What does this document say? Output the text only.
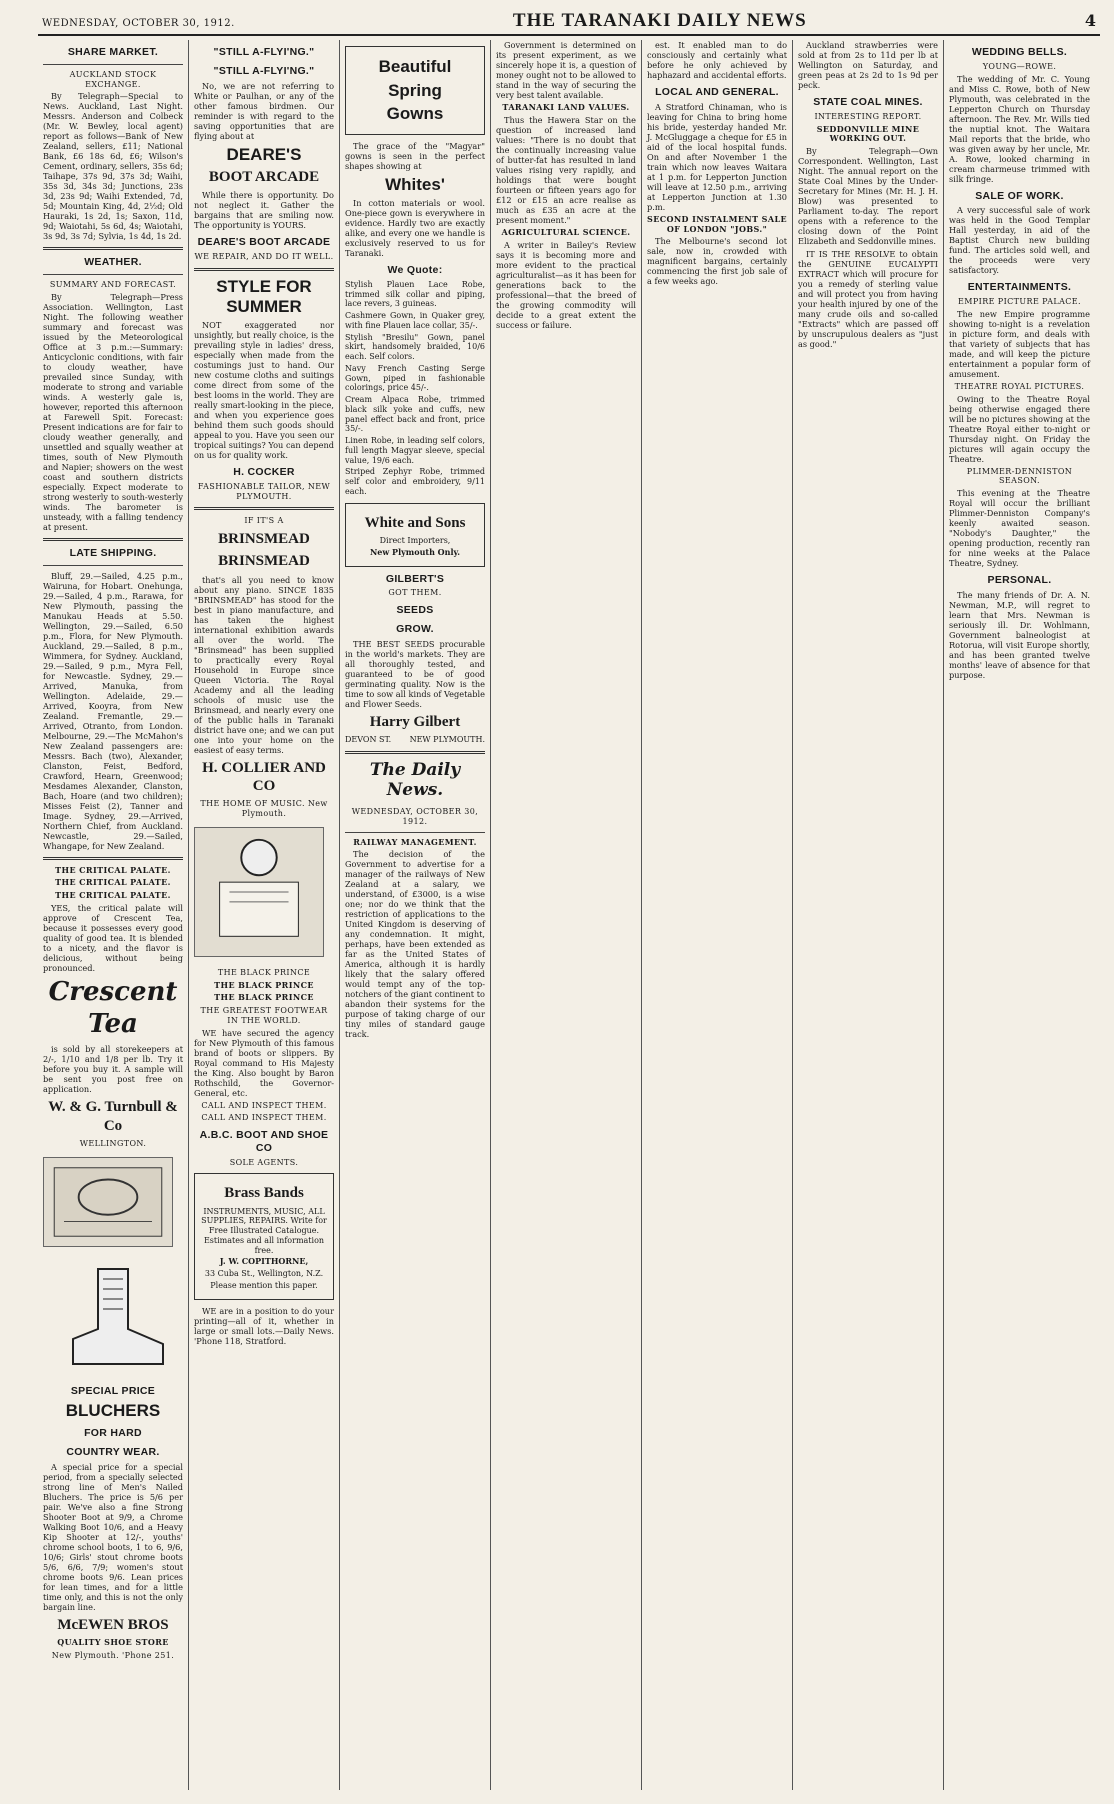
WEDNESDAY, OCTOBER 30, 1912.	THE TARANAKI DAILY NEWS	4
SHARE MARKET.
AUCKLAND STOCK EXCHANGE.

By Telegraph—Special to News. Auckland, Last Night. Messrs. Anderson and Colbeck (Mr. W. Bewley, local agent) report as follows—Bank of New Zealand, sellers, £11; National Bank, £6 18s 6d, £6; Wilson's Cement, ordinary, sellers, 35s 6d; Taihape, 37s 9d, 37s 3d; Waihi, 35s 3d, 34s 3d; Junctions, 23s 3d, 23s 9d; Waihi Extended, 7d, 5d; Mountain King, 4d, 2½d; Old Hauraki, 1s 2d, 1s; Saxon, 11d, 9d; Waiotahi, 5s 6d, 4s; Waiotahi, 3s 9d, 3s 7d; Sylvia, 1s 4d, 1s 2d.

WEATHER.
SUMMARY AND FORECAST.

By Telegraph—Press Association. Wellington, Last Night. The following weather summary and forecast was issued by the Meteorological Office at 3 p.m.:—Summary: Anticyclonic conditions, with fair to cloudy weather, have prevailed since Sunday, with moderate to strong and variable winds. A westerly gale is, however, reported this afternoon at Farewell Spit. Forecast: Present indications are for fair to cloudy weather generally, and unsettled and squally weather at times, south of New Plymouth and Napier; showers on the west coast and southern districts especially. Expect moderate to strong westerly to south-westerly winds. The barometer is unsteady, with a falling tendency at present.

LATE SHIPPING.

Bluff, 29.—Sailed, 4.25 p.m., Wairuna, for Hobart. Onehunga, 29.—Sailed, 4 p.m., Rarawa, for New Plymouth, passing the Manukau Heads at 5.50. Wellington, 29.—Sailed, 6.50 p.m., Flora, for New Plymouth. Auckland, 29.—Sailed, 8 p.m., Wimmera, for Sydney. Auckland, 29.—Sailed, 9 p.m., Myra Fell, for Newcastle. Sydney, 29.—Arrived, Manuka, from Wellington. Adelaide, 29.—Arrived, Kooyra, from New Zealand. Fremantle, 29.—Arrived, Otranto, from London. Melbourne, 29.—The McMahon's New Zealand passengers are: Messrs. Bach (two), Alexander, Clanston, Feist, Bedford, Crawford, Hearn, Greenwood; Mesdames Alexander, Clanston, Bach, Hoare (and two children); Misses Feist (2), Tanner and Image. Sydney, 29.—Arrived, Northern Chief, from Auckland. Newcastle, 29.—Sailed, Whangape, for New Zealand.

THE CRITICAL PALATE.
THE CRITICAL PALATE.
THE CRITICAL PALATE.

YES, the critical palate will approve of Crescent Tea, because it possesses every good quality of good tea. It is blended to a nicety, and the flavor is delicious, without being pronounced.

Crescent Tea

is sold by all storekeepers at 2/-, 1/10 and 1/8 per lb. Try it before you buy it. A sample will be sent you post free on application.

W. & G. Turnbull & Co
WELLINGTON.
SPECIAL PRICE
BLUCHERS
FOR HARD
COUNTRY WEAR.

A special price for a special period, from a specially selected strong line of Men's Nailed Bluchers. The price is 5/6 per pair. We've also a fine Strong Shooter Boot at 9/9, a Chrome Walking Boot 10/6, and a Heavy Kip Shooter at 12/-, youths' chrome school boots, 1 to 6, 9/6, 10/6; Girls' stout chrome boots 5/6, 6/6, 7/9; women's stout chrome boots 9/6. Lean prices for lean times, and for a little time only, and this is not the only bargain line.

McEWEN BROS
QUALITY SHOE STORE
New Plymouth. 'Phone 251.
"STILL A-FLYI'NG."
"STILL A-FLYI'NG."

No, we are not referring to White or Paulhan, or any of the other famous birdmen. Our reminder is with regard to the saving opportunities that are flying about at

DEARE'S
BOOT ARCADE

While there is opportunity. Do not neglect it. Gather the bargains that are smiling now. The opportunity is YOURS.

DEARE'S BOOT ARCADE
WE REPAIR, AND DO IT WELL.
STYLE FOR SUMMER

NOT exaggerated nor unsightly, but really choice, is the prevailing style in ladies' dress, especially when made from the costumings just to hand. Our new costume cloths and suitings come direct from some of the best looms in the world. They are really smart-looking in the piece, and when you experience goes behind them such goods should appeal to you. Have you seen our tropical suitings? You can depend on us for quality work.

H. COCKER
FASHIONABLE TAILOR, NEW PLYMOUTH.
IF IT'S A
BRINSMEAD
BRINSMEAD

that's all you need to know about any piano. SINCE 1835 "BRINSMEAD" has stood for the best in piano manufacture, and has taken the highest international exhibition awards all over the world. The "Brinsmead" has been supplied to practically every Royal Household in Europe since Queen Victoria. The Royal Academy and all the leading schools of music use the Brinsmead, and nearly every one of the public halls in Taranaki district have one; and we can put one into your home on the easiest of easy terms.

H. COLLIER AND CO
THE HOME OF MUSIC. New Plymouth.
THE BLACK PRINCE
THE BLACK PRINCE
THE BLACK PRINCE
THE GREATEST FOOTWEAR IN THE WORLD.

WE have secured the agency for New Plymouth of this famous brand of boots or slippers. By Royal command to His Majesty the King. Also bought by Baron Rothschild, the Governor-General, etc.

CALL AND INSPECT THEM.
CALL AND INSPECT THEM.
A.B.C. BOOT AND SHOE CO
SOLE AGENTS.
Brass Bands
INSTRUMENTS, MUSIC, ALL SUPPLIES, REPAIRS. Write for Free Illustrated Catalogue. Estimates and all information free.
J. W. COPITHORNE,
33 Cuba St., Wellington, N.Z.
Please mention this paper.

WE are in a position to do your printing—all of it, whether in large or small lots.—Daily News. 'Phone 118, Stratford.

Beautiful
Spring
Gowns

The grace of the "Magyar" gowns is seen in the perfect shapes showing at

Whites'

In cotton materials or wool. One-piece gown is everywhere in evidence. Hardly two are exactly alike, and every one we handle is exclusively reserved to us for Taranaki.

We Quote:
Stylish Plauen Lace Robe, trimmed silk collar and piping, lace revers, 3 guineas.
Cashmere Gown, in Quaker grey, with fine Plauen lace collar, 35/-.
Stylish "Bresilu" Gown, panel skirt, handsomely braided, 10/6 each. Self colors.
Navy French Casting Serge Gown, piped in fashionable colorings, price 45/-.
Cream Alpaca Robe, trimmed black silk yoke and cuffs, new panel effect back and front, price 35/-.
Linen Robe, in leading self colors, full length Magyar sleeve, special value, 19/6 each.
Striped Zephyr Robe, trimmed self color and embroidery, 9/11 each.
White and Sons
Direct Importers,
New Plymouth Only.
GILBERT'S
GOT THEM.
SEEDS
GROW.

THE BEST SEEDS procurable in the world's markets. They are all thoroughly tested, and guaranteed to be of good germinating quality. Now is the time to sow all kinds of Vegetable and Flower Seeds.

Harry Gilbert
DEVON ST. NEW PLYMOUTH.
The Daily News.
WEDNESDAY, OCTOBER 30, 1912.
RAILWAY MANAGEMENT.

The decision of the Government to advertise for a manager of the railways of New Zealand at a salary, we understand, of £3000, is a wise one; nor do we think that the restriction of applications to the United Kingdom is deserving of any condemnation. It might, perhaps, have been extended as far as the United States of America, although it is hardly likely that the salary offered would tempt any of the top-notchers of the giant continent to abandon their systems for the purpose of taking charge of our tiny miles of standard gauge track.

Government is determined on its present experiment, as we sincerely hope it is, a question of money ought not to be allowed to stand in the way of securing the very best talent available.

TARANAKI LAND VALUES.

Thus the Hawera Star on the question of increased land values: "There is no doubt that the continually increasing value of butter-fat has resulted in land values rising very rapidly, and holdings that were bought fourteen or fifteen years ago for £12 or £15 an acre realise as much as £35 an acre at the present moment."

AGRICULTURAL SCIENCE.

A writer in Bailey's Review says it is becoming more and more evident to the practical agriculturalist—as it has been for generations back to the professional—that the breed of the growing commodity will decide to a great extent the success or failure.

est. It enabled man to do consciously and certainly what before he only achieved by haphazard and accidental efforts.

LOCAL AND GENERAL.

A Stratford Chinaman, who is leaving for China to bring home his bride, yesterday handed Mr. J. McGluggage a cheque for £5 in aid of the local hospital funds. On and after November 1 the train which now leaves Waitara at 1 p.m. for Lepperton Junction will leave at 12.50 p.m., arriving at Lepperton Junction at 1.30 p.m.

SECOND INSTALMENT SALE OF LONDON "JOBS."

The Melbourne's second lot sale, now in, crowded with magnificent bargains, certainly commencing the first job sale of a few weeks ago.

Auckland strawberries were sold at from 2s to 11d per lb at Wellington on Saturday, and green peas at 2s 2d to 1s 9d per peck.

STATE COAL MINES.
INTERESTING REPORT.
SEDDONVILLE MINE WORKING OUT.

By Telegraph—Own Correspondent. Wellington, Last Night. The annual report on the State Coal Mines by the Under-Secretary for Mines (Mr. H. J. H. Blow) was presented to Parliament to-day. The report opens with a reference to the closing down of the Point Elizabeth and Seddonville mines.

IT IS THE RESOLVE to obtain the GENUINE EUCALYPTI EXTRACT which will procure for you a remedy of sterling value and will protect you from having your health injured by one of the many crude oils and so-called "Extracts" which are passed off by unscrupulous dealers as "just as good."

WEDDING BELLS.
YOUNG—ROWE.

The wedding of Mr. C. Young and Miss C. Rowe, both of New Plymouth, was celebrated in the Lepperton Church on Thursday afternoon. The Rev. Mr. Wills tied the nuptial knot. The Waitara Mail reports that the bride, who was given away by her uncle, Mr. A. Rowe, looked charming in cream charmeuse trimmed with silk fringe.

SALE OF WORK.

A very successful sale of work was held in the Good Templar Hall yesterday, in aid of the Baptist Church new building fund. The articles sold well, and the proceeds were very satisfactory.

ENTERTAINMENTS.
EMPIRE PICTURE PALACE.

The new Empire programme showing to-night is a revelation in picture form, and deals with that variety of subjects that has made, and will keep the picture entertainment a popular form of amusement.

THEATRE ROYAL PICTURES.

Owing to the Theatre Royal being otherwise engaged there will be no pictures showing at the Theatre Royal either to-night or Thursday night. On Friday the pictures will again occupy the Theatre.

PLIMMER-DENNISTON SEASON.

This evening at the Theatre Royal will occur the brilliant Plimmer-Denniston Company's keenly awaited season. "Nobody's Daughter," the opening production, recently ran for nine weeks at the Palace Theatre, Sydney.

PERSONAL.

The many friends of Dr. A. N. Newman, M.P., will regret to learn that Mrs. Newman is seriously ill. Dr. Wohlmann, Government balneologist at Rotorua, will visit Europe shortly, and has been granted twelve months' leave of absence for that purpose.
